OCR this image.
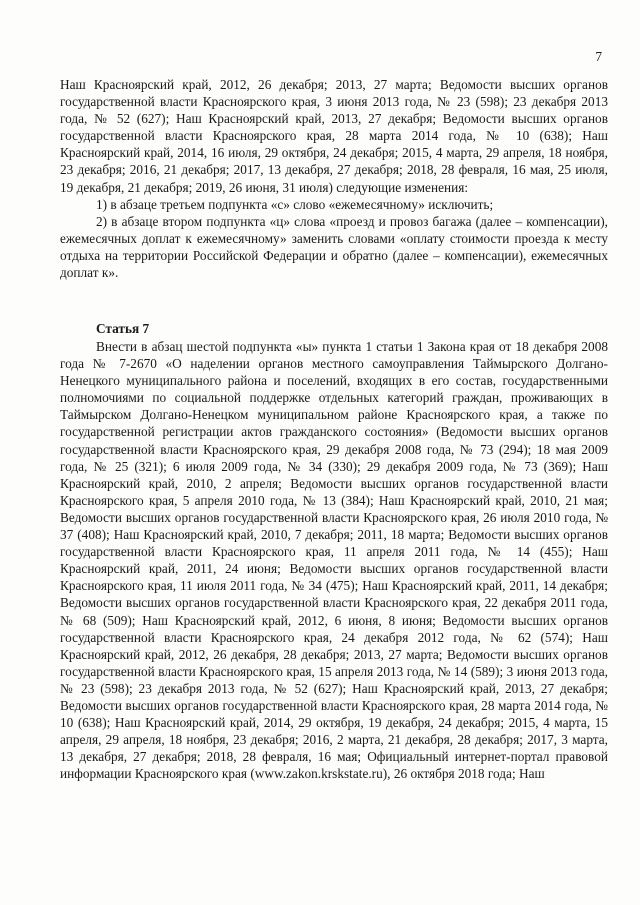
7

Наш Красноярский край, 2012, 26 декабря; 2013, 27 марта; Ведомости высших органов государственной власти Красноярского края, 3 июня 2013 года, № 23 (598); 23 декабря 2013 года, № 52 (627); Наш Красноярский край, 2013, 27 декабря; Ведомости высших органов государственной власти Красноярского края, 28 марта 2014 года, № 10 (638); Наш Красноярский край, 2014, 16 июля, 29 октября, 24 декабря; 2015, 4 марта, 29 апреля, 18 ноября, 23 декабря; 2016, 21 декабря; 2017, 13 декабря, 27 декабря; 2018, 28 февраля, 16 мая, 25 июля, 19 декабря, 21 декабря; 2019, 26 июня, 31 июля) следующие изменения:

1) в абзаце третьем подпункта «с» слово «ежемесячному» исключить;

2) в абзаце втором подпункта «ц» слова «проезд и провоз багажа (далее – компенсации), ежемесячных доплат к ежемесячному» заменить словами «оплату стоимости проезда к месту отдыха на территории Российской Федерации и обратно (далее – компенсации), ежемесячных доплат к».

Статья 7

Внести в абзац шестой подпункта «ы» пункта 1 статьи 1 Закона края от 18 декабря 2008 года № 7-2670 «О наделении органов местного самоуправления Таймырского Долгано-Ненецкого муниципального района и поселений, входящих в его состав, государственными полномочиями по социальной поддержке отдельных категорий граждан, проживающих в Таймырском Долгано-Ненецком муниципальном районе Красноярского края, а также по государственной регистрации актов гражданского состояния» (Ведомости высших органов государственной власти Красноярского края, 29 декабря 2008 года, № 73 (294); 18 мая 2009 года, № 25 (321); 6 июля 2009 года, № 34 (330); 29 декабря 2009 года, № 73 (369); Наш Красноярский край, 2010, 2 апреля; Ведомости высших органов государственной власти Красноярского края, 5 апреля 2010 года, № 13 (384); Наш Красноярский край, 2010, 21 мая; Ведомости высших органов государственной власти Красноярского края, 26 июля 2010 года, № 37 (408); Наш Красноярский край, 2010, 7 декабря; 2011, 18 марта; Ведомости высших органов государственной власти Красноярского края, 11 апреля 2011 года, № 14 (455); Наш Красноярский край, 2011, 24 июня; Ведомости высших органов государственной власти Красноярского края, 11 июля 2011 года, № 34 (475); Наш Красноярский край, 2011, 14 декабря; Ведомости высших органов государственной власти Красноярского края, 22 декабря 2011 года, № 68 (509); Наш Красноярский край, 2012, 6 июня, 8 июня; Ведомости высших органов государственной власти Красноярского края, 24 декабря 2012 года, № 62 (574); Наш Красноярский край, 2012, 26 декабря, 28 декабря; 2013, 27 марта; Ведомости высших органов государственной власти Красноярского края, 15 апреля 2013 года, № 14 (589); 3 июня 2013 года, № 23 (598); 23 декабря 2013 года, № 52 (627); Наш Красноярский край, 2013, 27 декабря; Ведомости высших органов государственной власти Красноярского края, 28 марта 2014 года, № 10 (638); Наш Красноярский край, 2014, 29 октября, 19 декабря, 24 декабря; 2015, 4 марта, 15 апреля, 29 апреля, 18 ноября, 23 декабря; 2016, 2 марта, 21 декабря, 28 декабря; 2017, 3 марта, 13 декабря, 27 декабря; 2018, 28 февраля, 16 мая; Официальный интернет-портал правовой информации Красноярского края (www.zakon.krskstate.ru), 26 октября 2018 года; Наш
